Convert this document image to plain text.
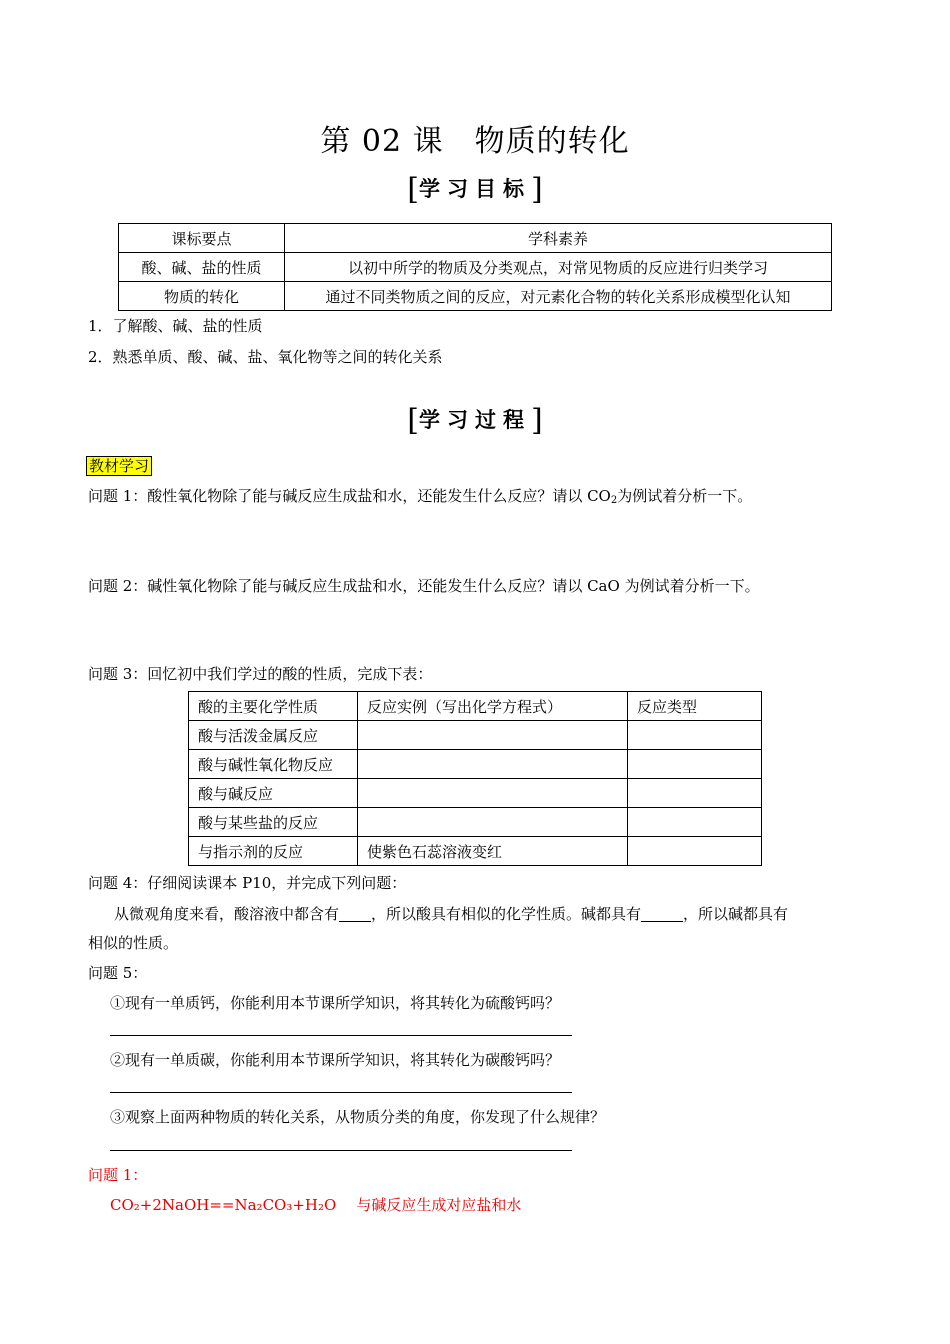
第 02 课　物质的转化
[学习目标]
课标要点	学科素养
酸、碱、盐的性质	以初中所学的物质及分类观点，对常见物质的反应进行归类学习
物质的转化	通过不同类物质之间的反应，对元素化合物的转化关系形成模型化认知
1．了解酸、碱、盐的性质
2．熟悉单质、酸、碱、盐、氧化物等之间的转化关系
[学习过程]
教材学习
问题 1：酸性氧化物除了能与碱反应生成盐和水，还能发生什么反应？请以 $CO_2$为例试着分析一下。
问题 2：碱性氧化物除了能与碱反应生成盐和水，还能发生什么反应？请以 CaO 为例试着分析一下。
问题 3：回忆初中我们学过的酸的性质，完成下表：
酸的主要化学性质	反应实例（写出化学方程式）	反应类型
酸与活泼金属反应		
酸与碱性氧化物反应		
酸与碱反应		
酸与某些盐的反应		
与指示剂的反应	使紫色石蕊溶液变红	
问题 4：仔细阅读课本 P10，并完成下列问题：
从微观角度来看，酸溶液中都含有 ，所以酸具有相似的化学性质。碱都具有	，所以碱都具有
相似的性质。
问题 5：
①现有一单质钙，你能利用本节课所学知识，将其转化为硫酸钙吗？
②现有一单质碳，你能利用本节课所学知识，将其转化为碳酸钙吗？
③观察上面两种物质的转化关系，从物质分类的角度，你发现了什么规律？
问题 1：
CO₂+2NaOH==Na₂CO₃+H₂O 与碱反应生成对应盐和水
